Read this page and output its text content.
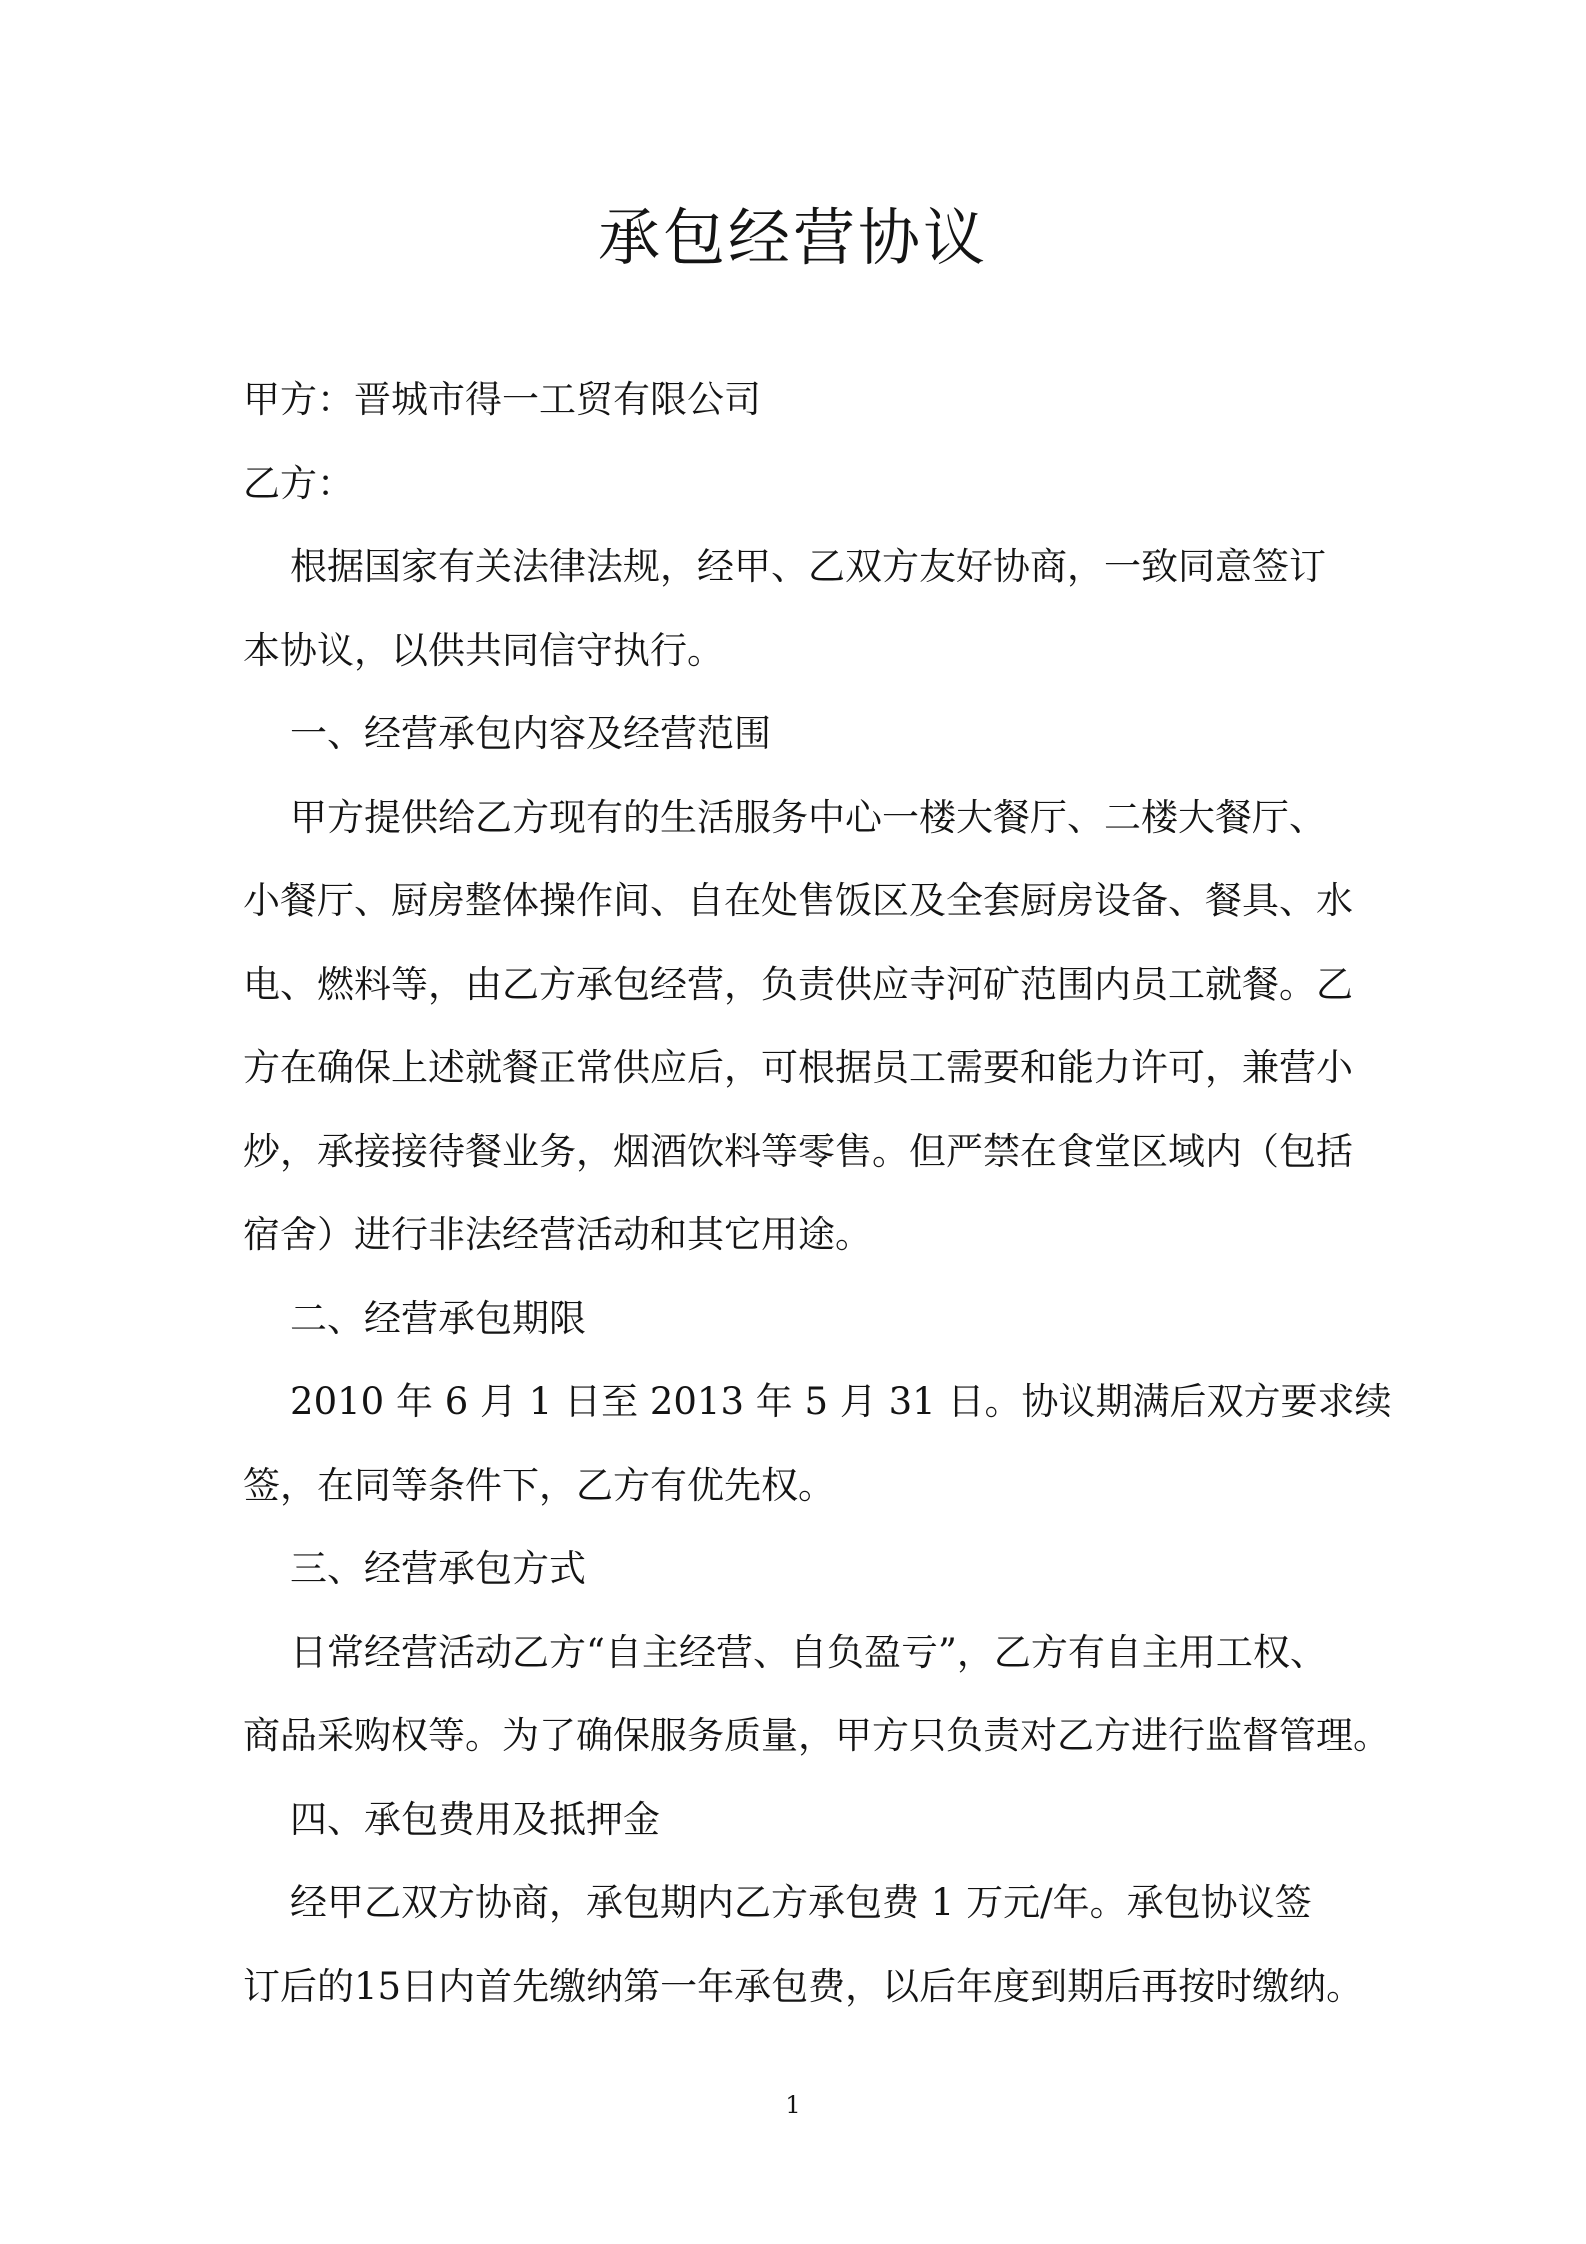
承包经营协议

甲方：晋城市得一工贸有限公司

乙方：

根据国家有关法律法规，经甲、乙双方友好协商，一致同意签订

本协议，以供共同信守执行。

一、经营承包内容及经营范围

甲方提供给乙方现有的生活服务中心一楼大餐厅、二楼大餐厅、

小餐厅、厨房整体操作间、自在处售饭区及全套厨房设备、餐具、水

电、燃料等，由乙方承包经营，负责供应寺河矿范围内员工就餐。乙

方在确保上述就餐正常供应后，可根据员工需要和能力许可，兼营小

炒，承接接待餐业务，烟酒饮料等零售。但严禁在食堂区域内（包括

宿舍）进行非法经营活动和其它用途。

二、经营承包期限

2010 年 6 月 1 日至 2013 年 5 月 31 日。协议期满后双方要求续

签，在同等条件下，乙方有优先权。

三、经营承包方式

日常经营活动乙方“自主经营、自负盈亏”，乙方有自主用工权、

商品采购权等。为了确保服务质量，甲方只负责对乙方进行监督管理。

四、承包费用及抵押金

经甲乙双方协商，承包期内乙方承包费 1 万元/年。承包协议签

订后的15日内首先缴纳第一年承包费，以后年度到期后再按时缴纳。

1
